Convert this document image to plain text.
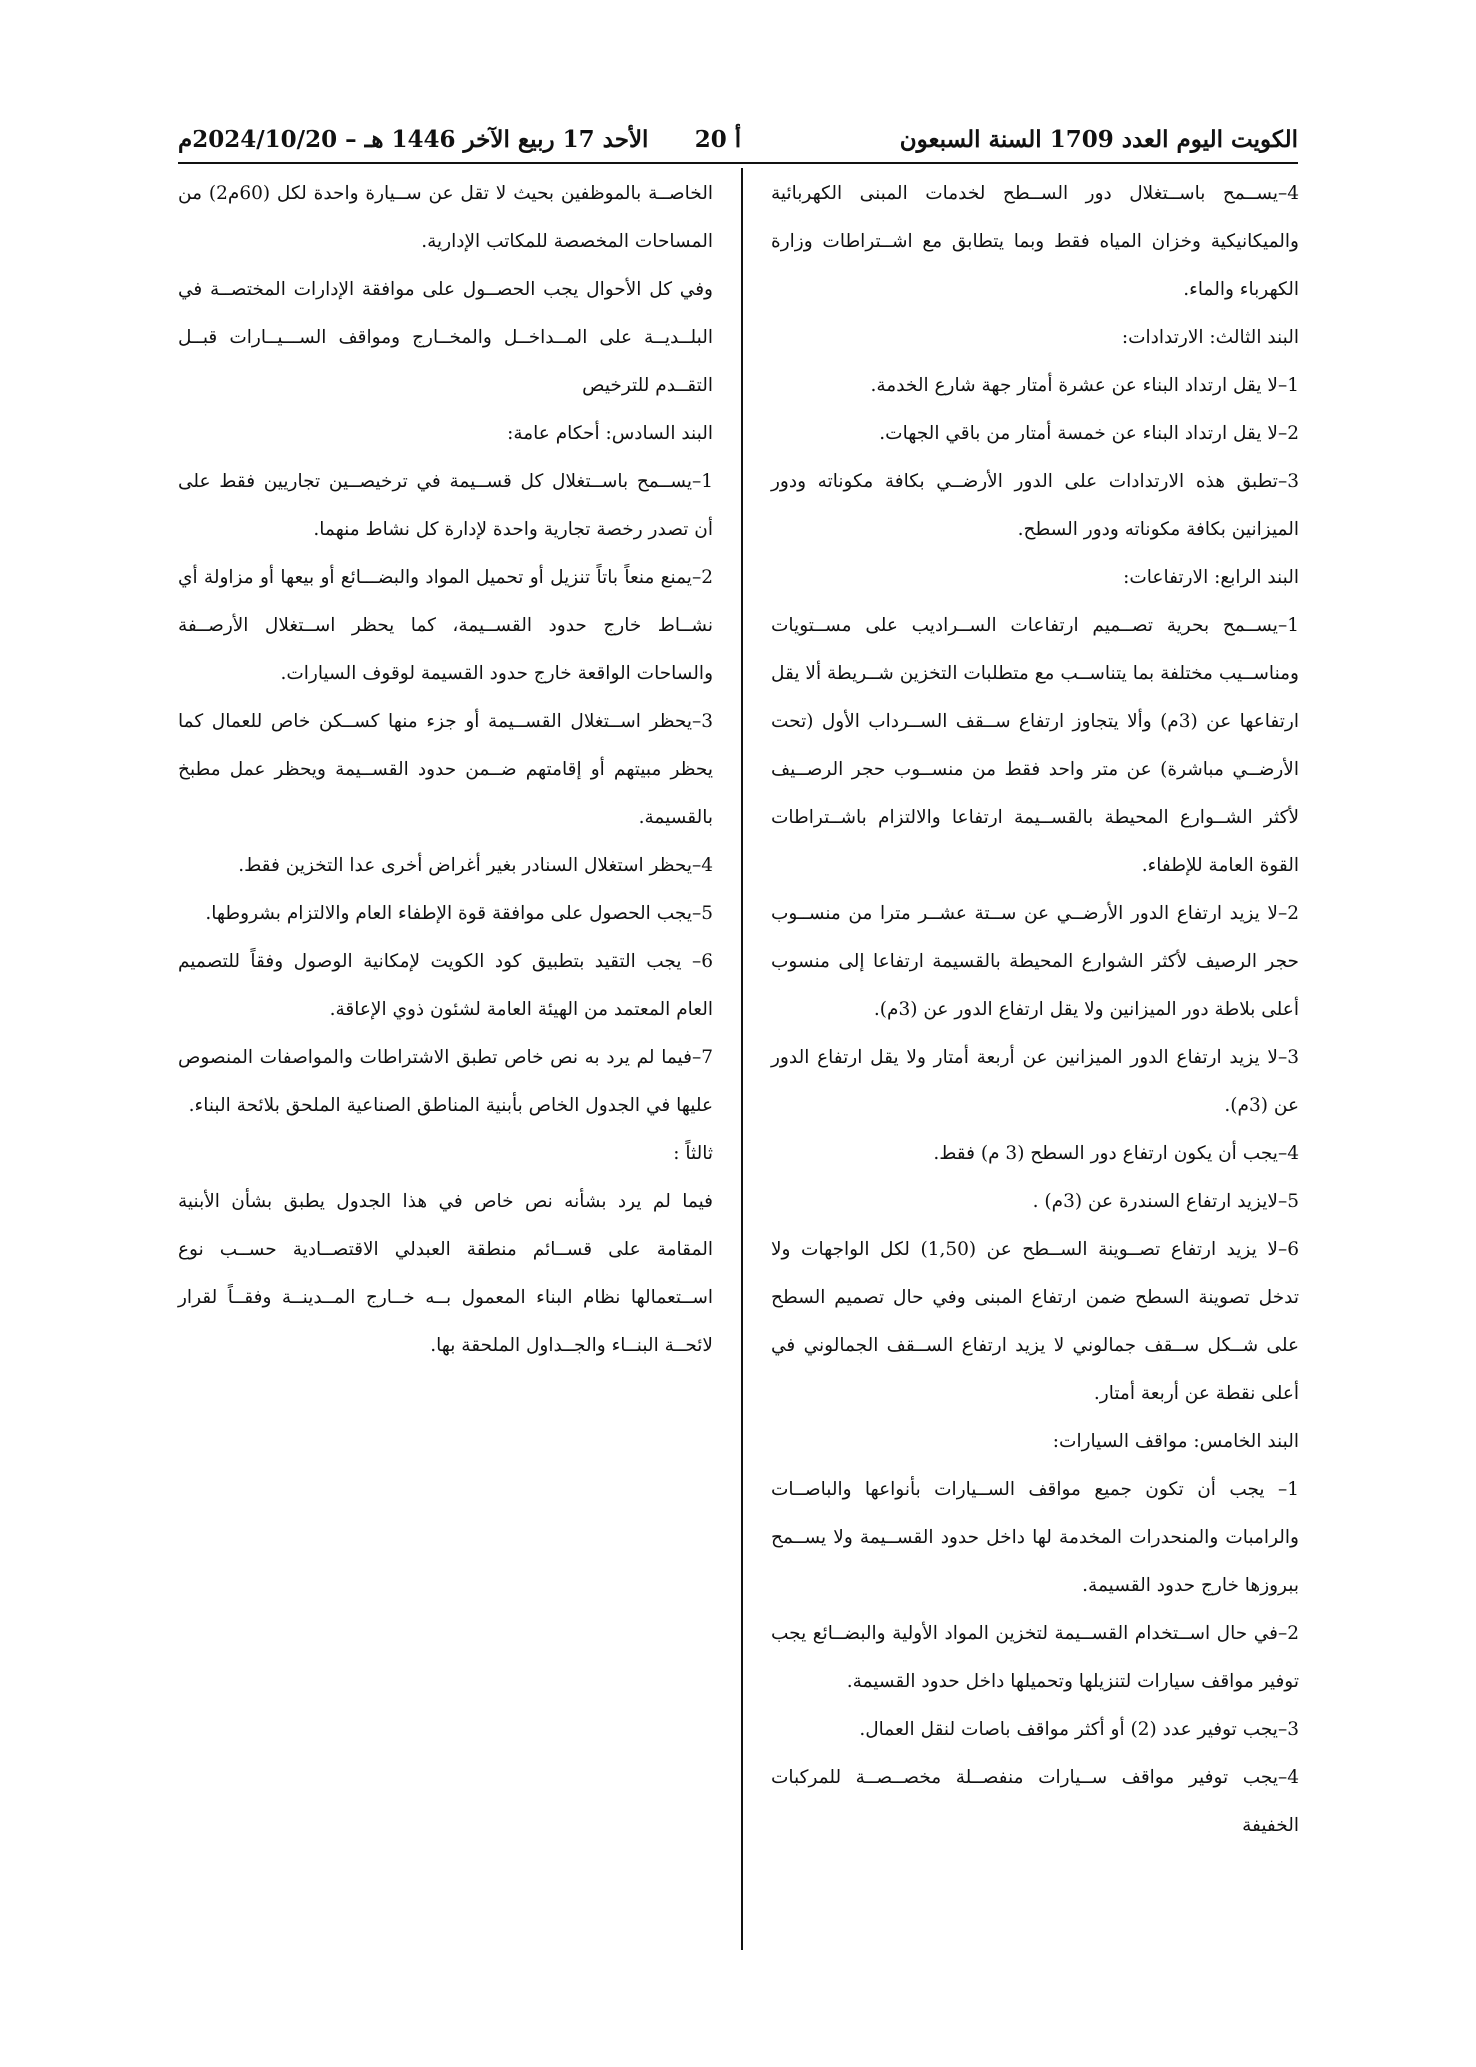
الكويت اليوم العدد 1709 السنة السبعون
أ 20
الأحد 17 ربيع الآخر 1446 هـ – 2024/10/20م

4–يســمح باســتغلال دور الســطح لخدمات المبنى الكهربائية والميكانيكية وخزان المياه فقط وبما يتطابق مع اشــتراطات وزارة الكهرباء والماء.

البند الثالث: الارتدادات:

1–لا يقل ارتداد البناء عن عشرة أمتار جهة شارع الخدمة.

2–لا يقل ارتداد البناء عن خمسة أمتار من باقي الجهات.

3–تطبق هذه الارتدادات على الدور الأرضــي بكافة مكوناته ودور الميزانين بكافة مكوناته ودور السطح.

البند الرابع: الارتفاعات:

1–يســمح بحرية تصــميم ارتفاعات الســراديب على مســتويات ومناســيب مختلفة بما يتناســب مع متطلبات التخزين شــريطة ألا يقل ارتفاعها عن (3م) وألا يتجاوز ارتفاع ســقف الســرداب الأول (تحت الأرضــي مباشرة) عن متر واحد فقط من منســوب حجر الرصــيف لأكثر الشــوارع المحيطة بالقســيمة ارتفاعا والالتزام باشــتراطات القوة العامة للإطفاء.

2–لا يزيد ارتفاع الدور الأرضــي عن ســتة عشــر مترا من منســوب حجر الرصيف لأكثر الشوارع المحيطة بالقسيمة ارتفاعا إلى منسوب أعلى بلاطة دور الميزانين ولا يقل ارتفاع الدور عن (3م).

3–لا يزيد ارتفاع الدور الميزانين عن أربعة أمتار ولا يقل ارتفاع الدور عن (3م).

4–يجب أن يكون ارتفاع دور السطح (3 م) فقط.

5–لايزيد ارتفاع السندرة عن (3م) .

6–لا يزيد ارتفاع تصــوينة الســطح عن (1,50) لكل الواجهات ولا تدخل تصوينة السطح ضمن ارتفاع المبنى وفي حال تصميم السطح على شــكل ســقف جمالوني لا يزيد ارتفاع الســقف الجمالوني في أعلى نقطة عن أربعة أمتار.

البند الخامس: مواقف السيارات:

1– يجب أن تكون جميع مواقف الســيارات بأنواعها والباصــات والرامبات والمنحدرات المخدمة لها داخل حدود القســيمة ولا يســمح ببروزها خارج حدود القسيمة.

2–في حال اســتخدام القســيمة لتخزين المواد الأولية والبضــائع يجب توفير مواقف سيارات لتنزيلها وتحميلها داخل حدود القسيمة.

3–يجب توفير عدد (2) أو أكثر مواقف باصات لنقل العمال.

4–يجب توفير مواقف ســيارات منفصــلة مخصــصــة للمركبات الخفيفة

الخاصــة بالموظفين بحيث لا تقل عن ســيارة واحدة لكل (60م2) من المساحات المخصصة للمكاتب الإدارية.

وفي كل الأحوال يجب الحصــول على موافقة الإدارات المختصــة في البلــديــة على المــداخــل والمخــارج ومواقف الســـيــارات قبــل التقــدم للترخيص

البند السادس: أحكام عامة:

1–يســمح باســتغلال كل قســيمة في ترخيصــين تجاريين فقط على أن تصدر رخصة تجارية واحدة لإدارة كل نشاط منهما.

2–يمنع منعاً باتاً تنزيل أو تحميل المواد والبضـــائع أو بيعها أو مزاولة أي نشــاط خارج حدود القســيمة، كما يحظر اســتغلال الأرصــفة والساحات الواقعة خارج حدود القسيمة لوقوف السيارات.

3–يحظر اســتغلال القســيمة أو جزء منها كســكن خاص للعمال كما يحظر مبيتهم أو إقامتهم ضــمن حدود القســيمة ويحظر عمل مطبخ بالقسيمة.

4–يحظر استغلال السنادر بغير أغراض أخرى عدا التخزين فقط.

5–يجب الحصول على موافقة قوة الإطفاء العام والالتزام بشروطها.

6– يجب التقيد بتطبيق كود الكويت لإمكانية الوصول وفقاً للتصميم العام المعتمد من الهيئة العامة لشئون ذوي الإعاقة.

7–فيما لم يرد به نص خاص تطبق الاشتراطات والمواصفات المنصوص عليها في الجدول الخاص بأبنية المناطق الصناعية الملحق بلائحة البناء.

ثالثاً :

فيما لم يرد بشأنه نص خاص في هذا الجدول يطبق بشأن الأبنية المقامة على قســائم منطقة العبدلي الاقتصــادية حســب نوع اســتعمالها نظام البناء المعمول بــه خــارج المــدينــة وفقــاً لقرار لائحــة البنــاء والجــداول الملحقة بها.
